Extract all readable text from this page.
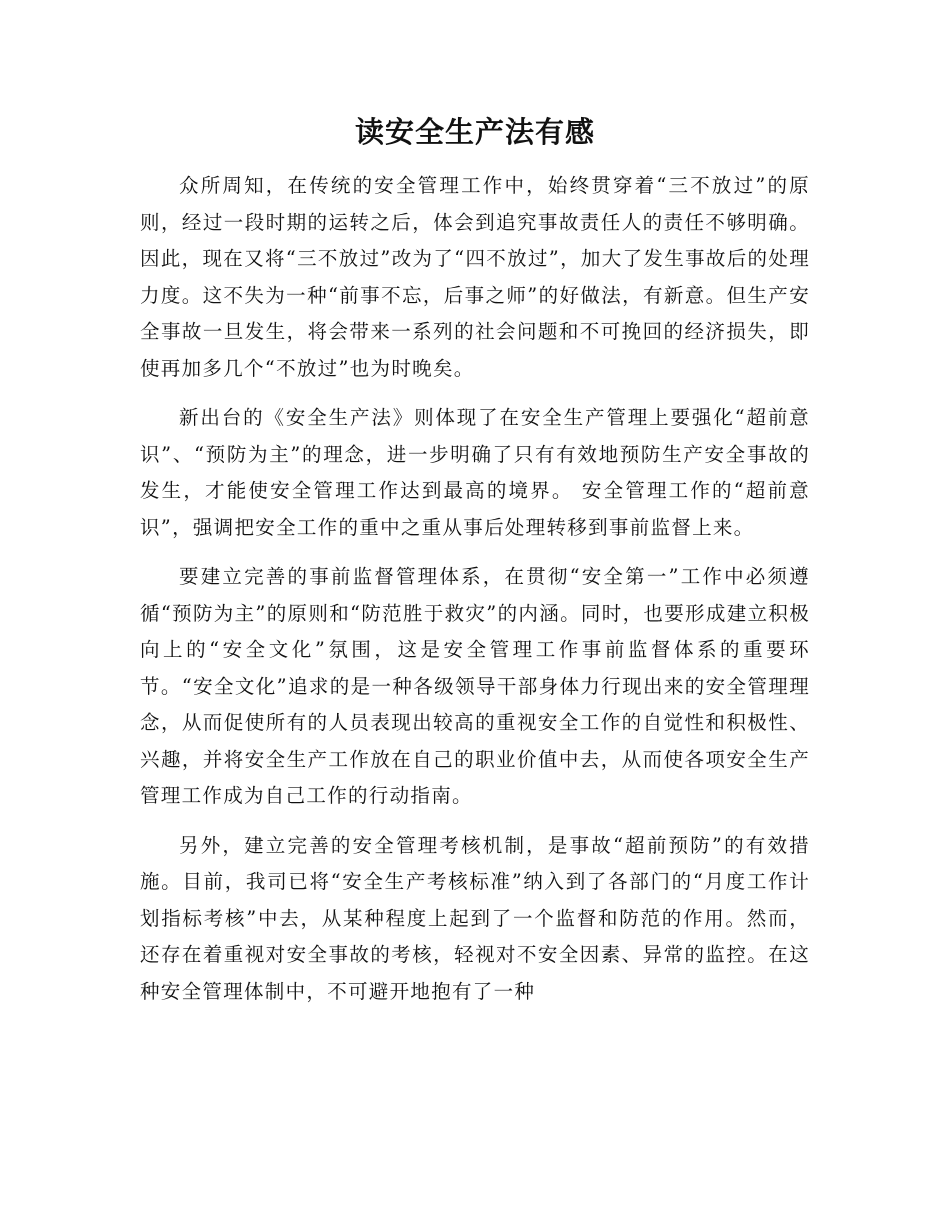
读安全生产法有感

众所周知，在传统的安全管理工作中，始终贯穿着“三不放过”的原则，经过一段时期的运转之后，体会到追究事故责任人的责任不够明确。因此，现在又将“三不放过”改为了“四不放过”，加大了发生事故后的处理力度。这不失为一种“前事不忘，后事之师”的好做法，有新意。但生产安全事故一旦发生，将会带来一系列的社会问题和不可挽回的经济损失，即使再加多几个“不放过”也为时晚矣。

新出台的《安全生产法》则体现了在安全生产管理上要强化“超前意识”、“预防为主”的理念，进一步明确了只有有效地预防生产安全事故的发生，才能使安全管理工作达到最高的境界。 安全管理工作的“超前意识”，强调把安全工作的重中之重从事后处理转移到事前监督上来。

要建立完善的事前监督管理体系，在贯彻“安全第一”工作中必须遵循“预防为主”的原则和“防范胜于救灾”的内涵。同时，也要形成建立积极向上的“安全文化”氛围，这是安全管理工作事前监督体系的重要环节。“安全文化”追求的是一种各级领导干部身体力行现出来的安全管理理念，从而促使所有的人员表现出较高的重视安全工作的自觉性和积极性、兴趣，并将安全生产工作放在自己的职业价值中去，从而使各项安全生产管理工作成为自己工作的行动指南。

另外，建立完善的安全管理考核机制，是事故“超前预防”的有效措施。目前，我司已将“安全生产考核标准”纳入到了各部门的“月度工作计划指标考核”中去，从某种程度上起到了一个监督和防范的作用。然而，还存在着重视对安全事故的考核，轻视对不安全因素、异常的监控。在这种安全管理体制中，不可避开地抱有了一种
